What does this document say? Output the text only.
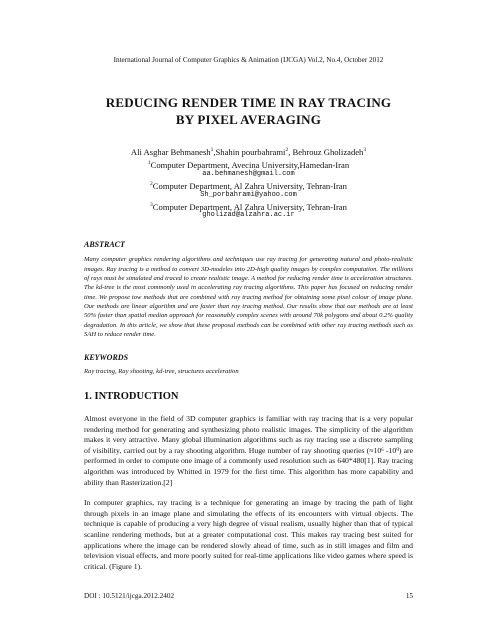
International Journal of Computer Graphics & Animation (IJCGA) Vol.2, No.4, October 2012
REDUCING RENDER TIME IN RAY TRACING
BY PIXEL AVERAGING
Ali Asghar Behmanesh$^1$,Shahin pourbahrami$^2$, Behrouz Gholizadeh$^3$
$^1$Computer Department, Avecina University,Hamedan-Iran
aa.behmanesh@gmail.com
$^2$Computer Department, Al Zahra University, Tehran-Iran
Sh_porbahrami@yahoo.com
$^3$Computer Department, Al Zahra University, Tehran-Iran
gholizad@alzahra.ac.ir
ABSTRACT

Many computer graphics rendering algorithms and techniques use ray tracing for generating natural and photo-realistic images. Ray tracing is a method to convert 3D-modeles into 2D-high quality images by complex computation. The millions of rays must be simulated and traced to create realistic image. A method for reducing render time is acceleration structures. The kd-tree is the most commonly used in accelerating ray tracing algorithms. This paper has focused on reducing render time. We propose tow methods that are combined with ray tracing method for obtaining some pixel colour of image plane. Our methods are linear algorithm and are faster than ray tracing method. Our results show that our methods are at least 50% faster than spatial median approach for reasonably complex scenes with around 70k polygons and about 0.2% quality degradation. In this article, we show that these proposal methods can be combined with other ray tracing methods such as SAH to reduce render time.

KEYWORDS

Ray tracing, Ray shooting, kd-tree, structures acceleration

1. INTRODUCTION

Almost everyone in the field of 3D computer graphics is familiar with ray tracing that is a very popular rendering method for generating and synthesizing photo realistic images. The simplicity of the algorithm makes it very attractive. Many global illumination algorithms such as ray tracing use a discrete sampling of visibility, carried out by a ray shooting algorithm. Huge number of ray shooting queries (≈10⁶ -10⁹) are performed in order to compute one image of a commonly used resolution such as 640*480[1]. Ray tracing algorithm was introduced by Whitted in 1979 for the first time. This algorithm has more capability and ability than Rasterization.[2]

In computer graphics, ray tracing is a technique for generating an image by tracing the path of light through pixels in an image plane and simulating the effects of its encounters with virtual objects. The technique is capable of producing a very high degree of visual realism, usually higher than that of typical scanline rendering methods, but at a greater computational cost. This makes ray tracing best suited for applications where the image can be rendered slowly ahead of time, such as in still images and film and television visual effects, and more poorly suited for real-time applications like video games where speed is critical. (Figure 1).

DOI : 10.5121/ijcga.2012.2402	15
